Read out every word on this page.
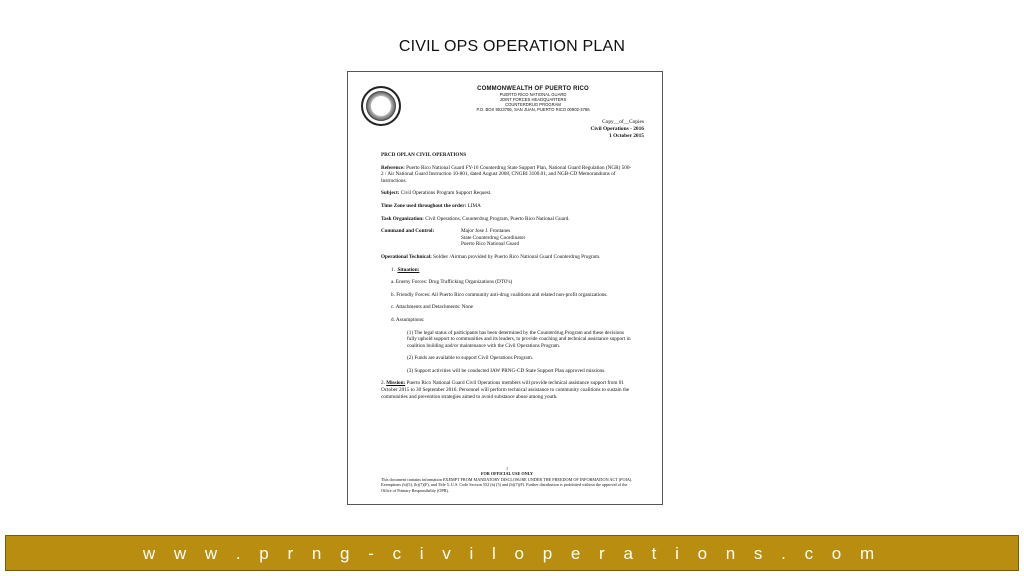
CIVIL OPS OPERATION PLAN
COMMONWEALTH OF PUERTO RICO
PUERTO RICO NATIONAL GUARD
JOINT FORCES HEADQUARTERS
COUNTERDRUG PROGRAM
P.O. BOX 9023786, SAN JUAN, PUERTO RICO 00902-3786
Copy__of__Copies
Civil Operations - 2016
1 October 2015

PRCD OPLAN CIVIL OPERATIONS

Reference: Puerto Rico National Guard FY-16 Counterdrug State Support Plan, National Guard Regulation (NGR) 500-2 / Air National Guard Instruction 10-801, dated August 2008, CNGBI 3100.01, and NGB-CD Memorandums of Instructions.

Subject: Civil Operations Program Support Request.

Time Zone used throughout the order: LIMA

Task Organization: Civil Operations, Counterdrug Program, Puerto Rico National Guard.

Command and Control:	Major Jose J. Frontanes
State Counterdrug Coordinator
Puerto Rico National Guard

Operational Technical: Soldier /Airman provided by Puerto Rico National Guard Counterdrug Program.

1. Situation:

a. Enemy Forces: Drug Trafficking Organizations (DTO's)

b. Friendly Forces: All Puerto Rico community anti-drug coalitions and related non-profit organizations.

c. Attachments and Detachments: None

d. Assumptions:

(1) The legal status of participants has been determined by the Counterdrug Program and these decisions fully uphold support to communities and its leaders, to provide coaching and technical assistance support in coalition building and/or maintenance with the Civil Operations Program.

(2) Funds are available to support Civil Operations Program.

(3) Support activities will be conducted IAW PRNG-CD State Support Plan approved missions.

2. Mission: Puerto Rico National Guard Civil Operations members will provide technical assistance support from 01 October 2015 to 30 September 2016. Personnel will perform technical assistance to community coalitions to sustain the communities and prevention strategies aimed to avoid substance abuse among youth.

1
FOR OFFICIAL USE ONLY
This document contains information EXEMPT FROM MANDATORY DISCLOSURE UNDER THE FREEDOM OF INFORMATION ACT (FOIA). Exemptions (b)(5), (b)(7)(F), and Title 5, U.S. Code Section 552 (b) (5) and (b)(7)(F). Further distribution is prohibited without the approval of the Office of Primary Responsibility (OPR).
w w w . p r n g - c i v i l o p e r a t i o n s . c o m
